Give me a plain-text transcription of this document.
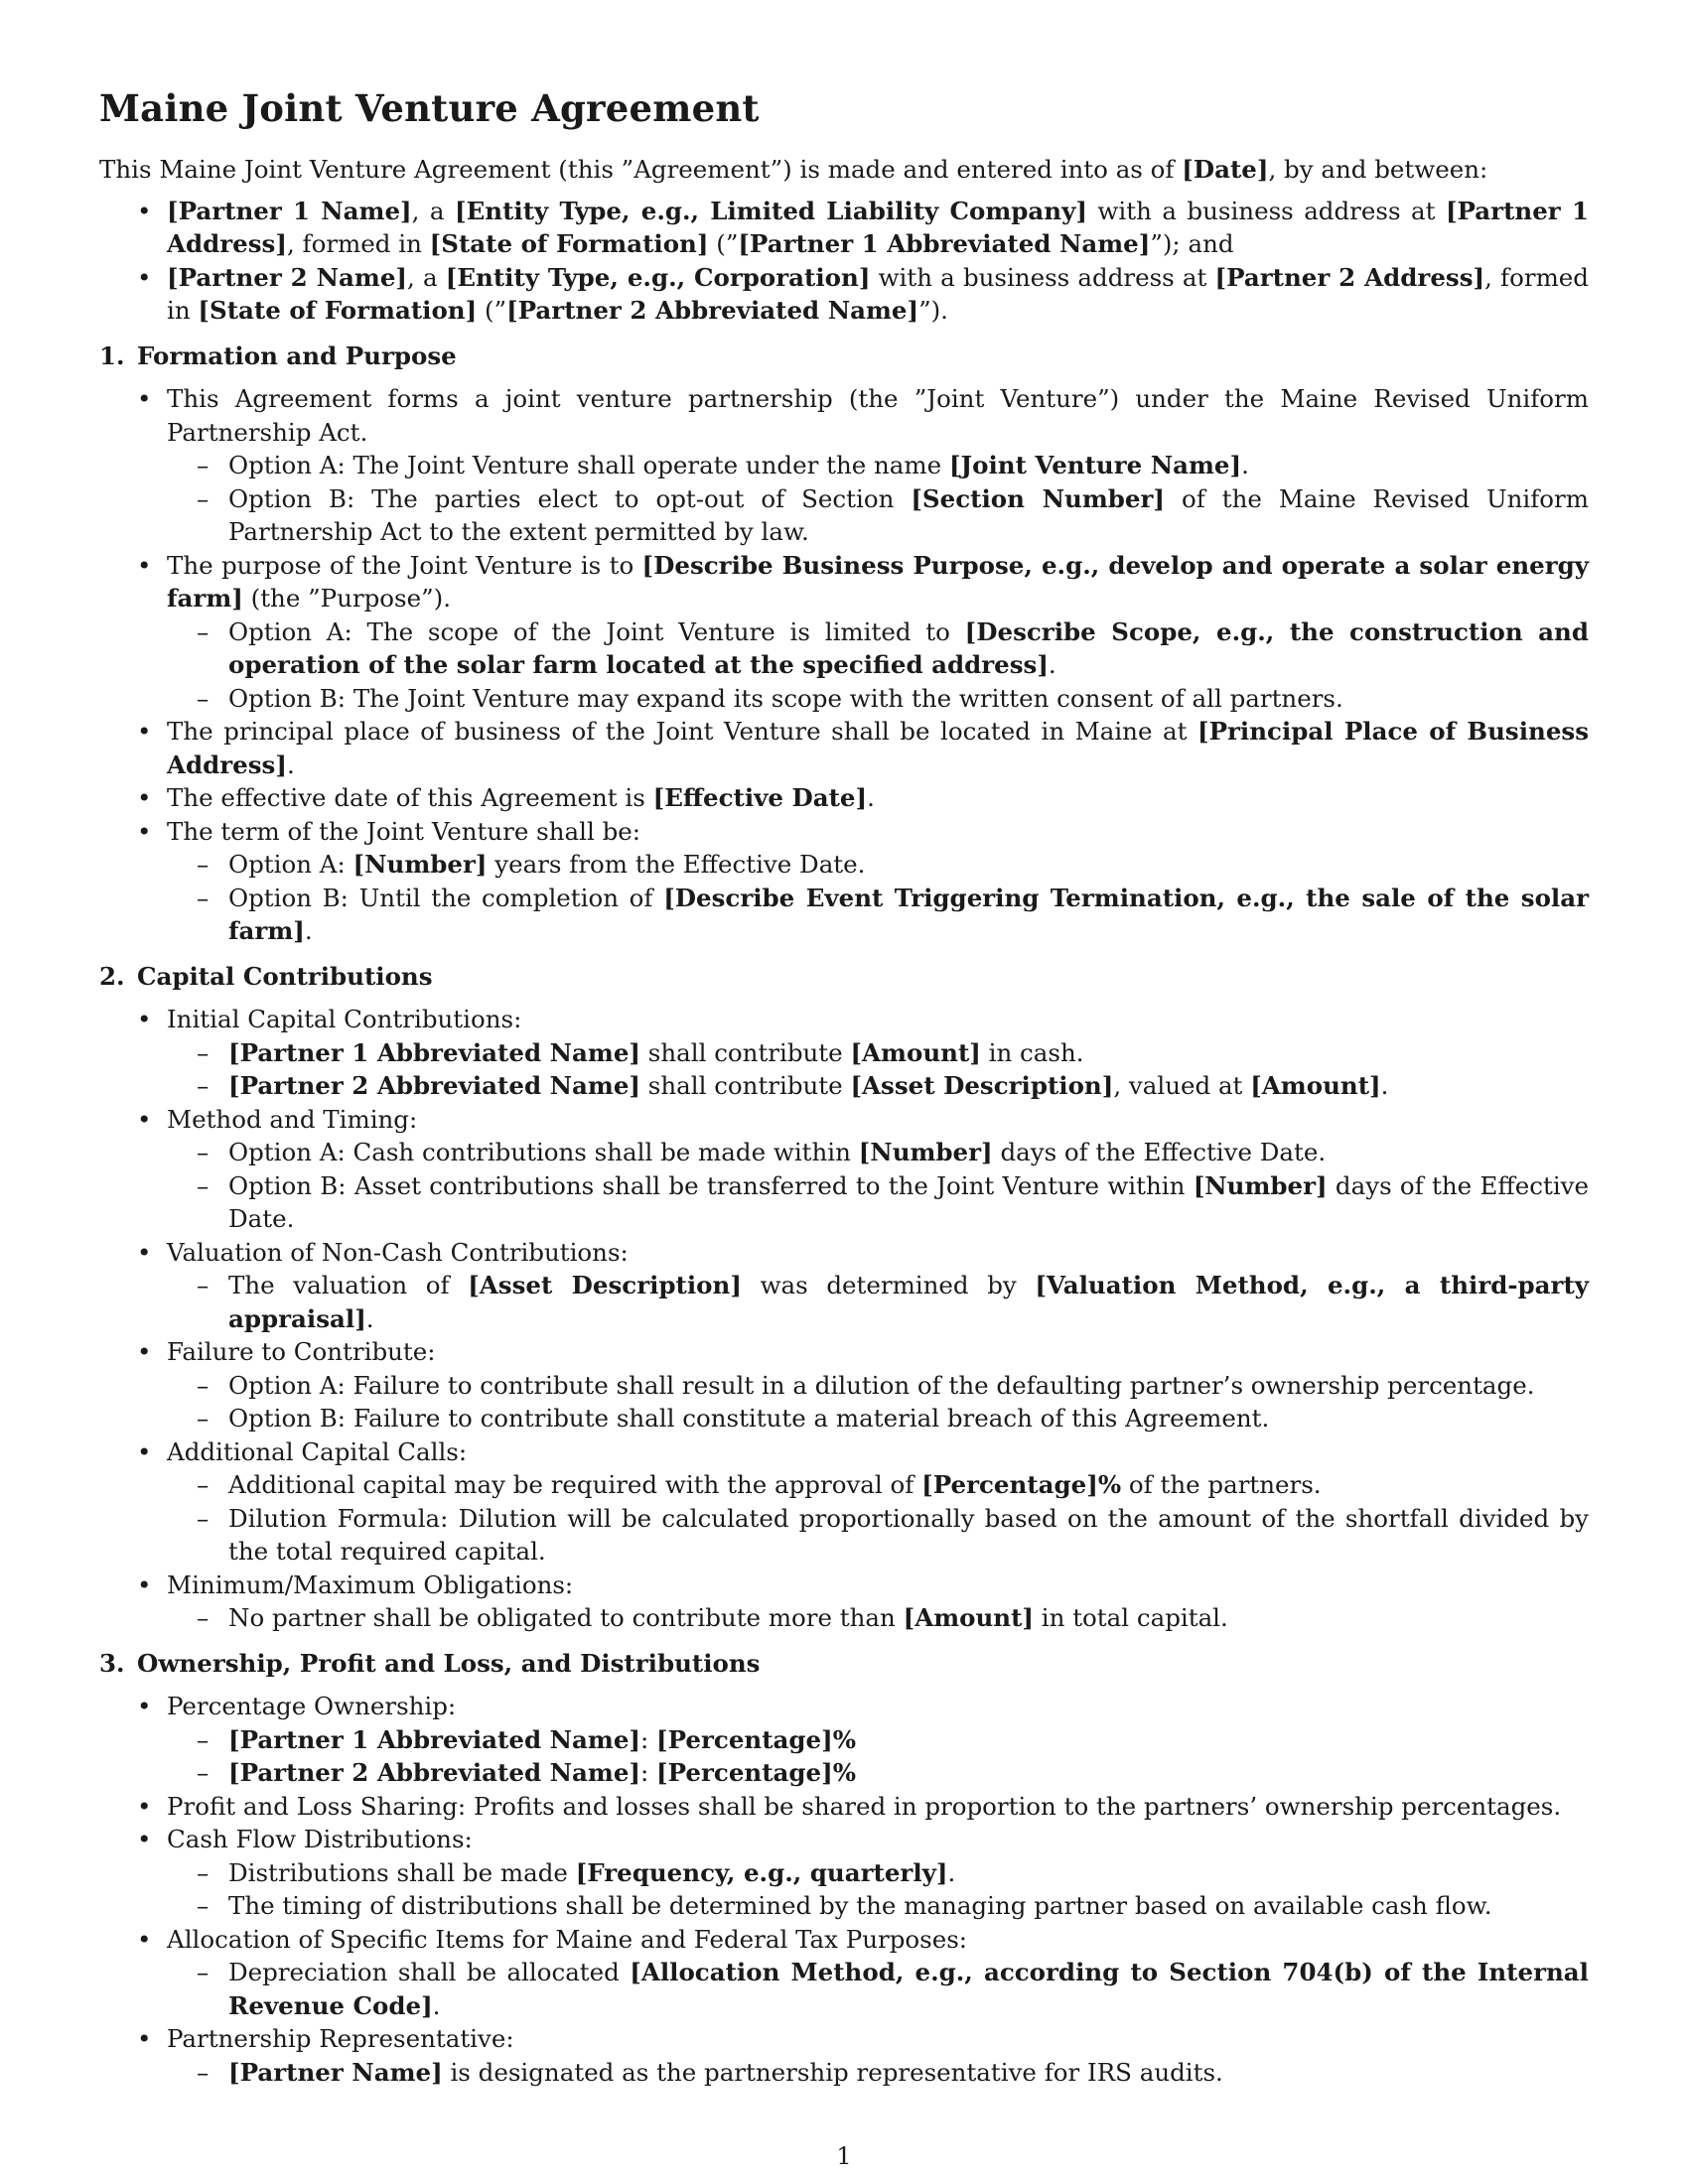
Maine Joint Venture Agreement

This Maine Joint Venture Agreement (this ”Agreement”) is made and entered into as of [Date], by and between:

• [Partner 1 Name], a [Entity Type, e.g., Limited Liability Company] with a business address at [Partner 1 Address], formed in [State of Formation] (”[Partner 1 Abbreviated Name]”); and
• [Partner 2 Name], a [Entity Type, e.g., Corporation] with a business address at [Partner 2 Address], formed in [State of Formation] (”[Partner 2 Abbreviated Name]”).
1. Formation and Purpose
• This Agreement forms a joint venture partnership (the ”Joint Venture”) under the Maine Revised Uniform Partnership Act.
– Option A: The Joint Venture shall operate under the name [Joint Venture Name].
– Option B: The parties elect to opt-out of Section [Section Number] of the Maine Revised Uniform Partnership Act to the extent permitted by law.
• The purpose of the Joint Venture is to [Describe Business Purpose, e.g., develop and operate a solar energy farm] (the ”Purpose”).
– Option A: The scope of the Joint Venture is limited to [Describe Scope, e.g., the construction and operation of the solar farm located at the specified address].
– Option B: The Joint Venture may expand its scope with the written consent of all partners.
• The principal place of business of the Joint Venture shall be located in Maine at [Principal Place of Business Address].
• The effective date of this Agreement is [Effective Date].
• The term of the Joint Venture shall be:
– Option A: [Number] years from the Effective Date.
– Option B: Until the completion of [Describe Event Triggering Termination, e.g., the sale of the solar farm].
2. Capital Contributions
• Initial Capital Contributions:
– [Partner 1 Abbreviated Name] shall contribute [Amount] in cash.
– [Partner 2 Abbreviated Name] shall contribute [Asset Description], valued at [Amount].
• Method and Timing:
– Option A: Cash contributions shall be made within [Number] days of the Effective Date.
– Option B: Asset contributions shall be transferred to the Joint Venture within [Number] days of the Effective Date.
• Valuation of Non-Cash Contributions:
– The valuation of [Asset Description] was determined by [Valuation Method, e.g., a third-party appraisal].
• Failure to Contribute:
– Option A: Failure to contribute shall result in a dilution of the defaulting partner’s ownership percentage.
– Option B: Failure to contribute shall constitute a material breach of this Agreement.
• Additional Capital Calls:
– Additional capital may be required with the approval of [Percentage]% of the partners.
– Dilution Formula: Dilution will be calculated proportionally based on the amount of the shortfall divided by the total required capital.
• Minimum/Maximum Obligations:
– No partner shall be obligated to contribute more than [Amount] in total capital.
3. Ownership, Profit and Loss, and Distributions
• Percentage Ownership:
– [Partner 1 Abbreviated Name]: [Percentage]%
– [Partner 2 Abbreviated Name]: [Percentage]%
• Profit and Loss Sharing: Profits and losses shall be shared in proportion to the partners’ ownership percentages.
• Cash Flow Distributions:
– Distributions shall be made [Frequency, e.g., quarterly].
– The timing of distributions shall be determined by the managing partner based on available cash flow.
• Allocation of Specific Items for Maine and Federal Tax Purposes:
– Depreciation shall be allocated [Allocation Method, e.g., according to Section 704(b) of the Internal Revenue Code].
• Partnership Representative:
– [Partner Name] is designated as the partnership representative for IRS audits.
1
